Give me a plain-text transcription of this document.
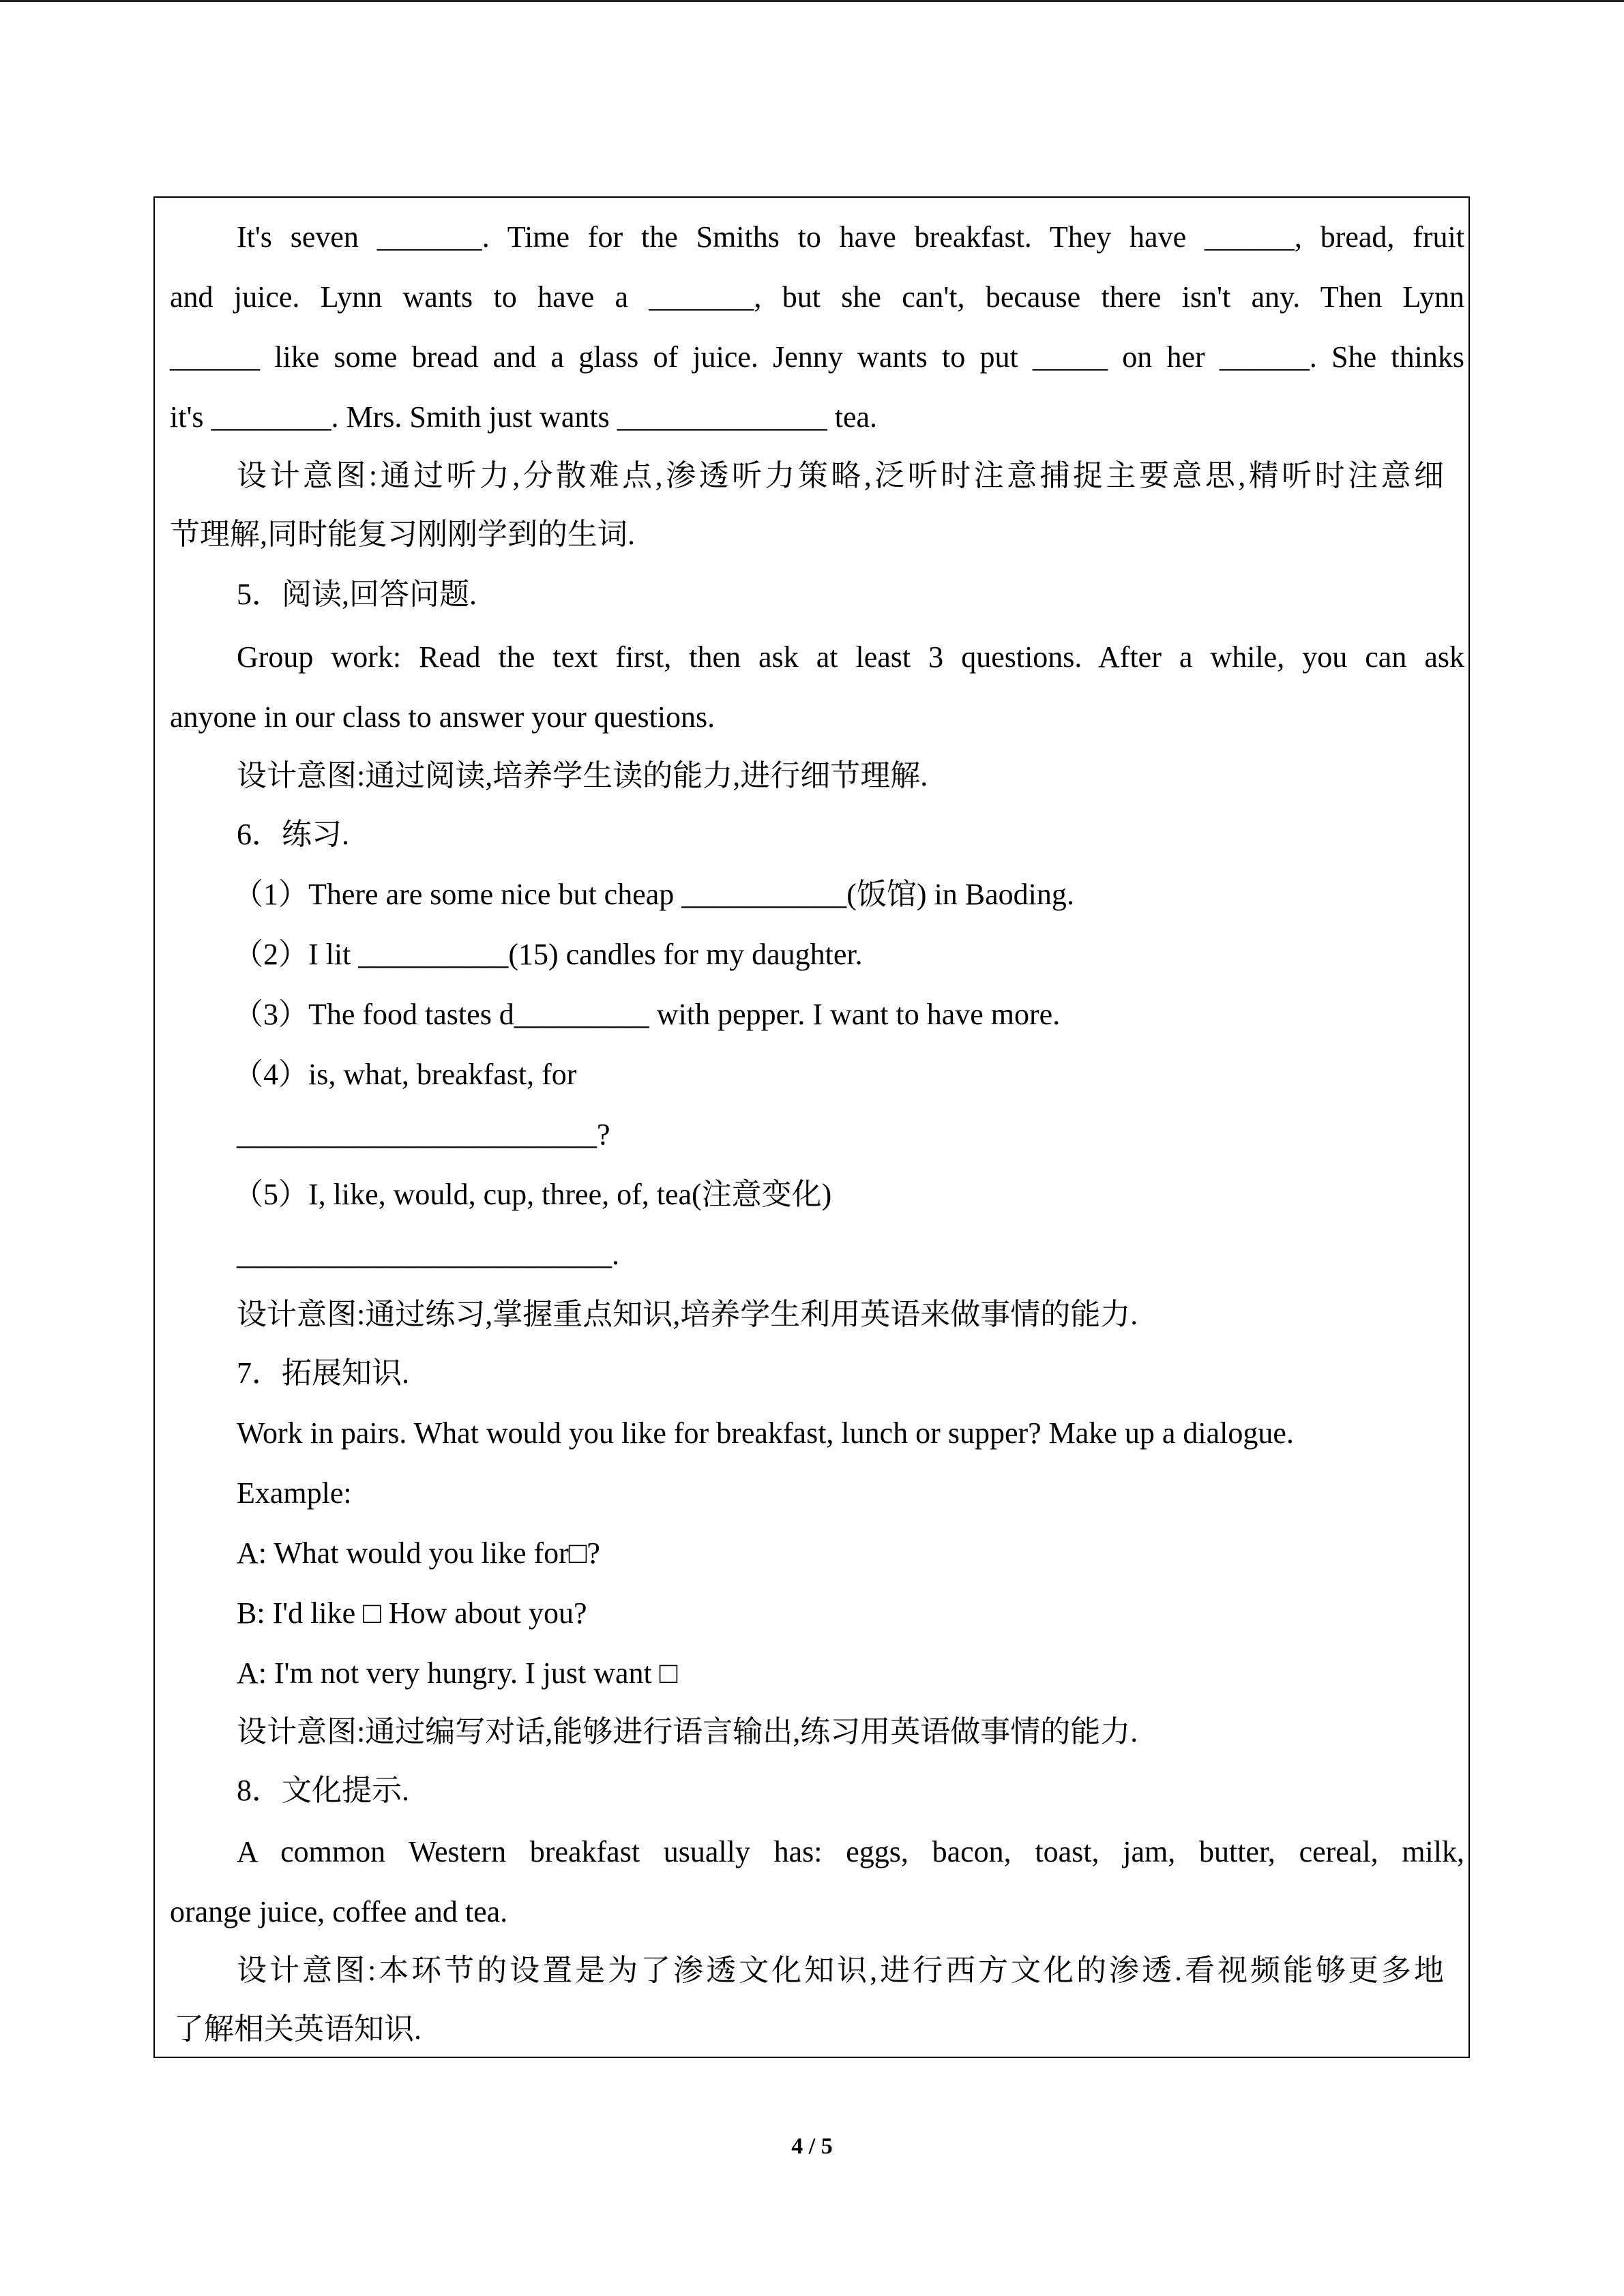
It's seven _______. Time for the Smiths to have breakfast. They have ______, bread, fruit
and juice. Lynn wants to have a _______, but she can't, because there isn't any. Then Lynn
______ like some bread and a glass of juice. Jenny wants to put _____ on her ______. She thinks
it's ________. Mrs. Smith just wants ______________ tea.
设计意图:通过听力,分散难点,渗透听力策略,泛听时注意捕捉主要意思,精听时注意细
节理解,同时能复习刚刚学到的生词.
5．阅读,回答问题.
Group work: Read the text first, then ask at least 3 questions. After a while, you can ask
anyone in our class to answer your questions.
设计意图:通过阅读,培养学生读的能力,进行细节理解.
6．练习.
（1）There are some nice but cheap ___________(饭馆) in Baoding.
（2）I lit __________(15) candles for my daughter.
（3）The food tastes d_________ with pepper. I want to have more.
（4）is, what, breakfast, for
________________________?
（5）I, like, would, cup, three, of, tea(注意变化)
_________________________.
设计意图:通过练习,掌握重点知识,培养学生利用英语来做事情的能力.
7．拓展知识.
Work in pairs. What would you like for breakfast, lunch or supper? Make up a dialogue.
Example:
A: What would you like for□?
B: I'd like □ How about you?
A: I'm not very hungry. I just want □
设计意图:通过编写对话,能够进行语言输出,练习用英语做事情的能力.
8．文化提示.
A common Western breakfast usually has: eggs, bacon, toast, jam, butter, cereal, milk,
orange juice, coffee and tea.
设计意图:本环节的设置是为了渗透文化知识,进行西方文化的渗透.看视频能够更多地
了解相关英语知识.
4 / 5
